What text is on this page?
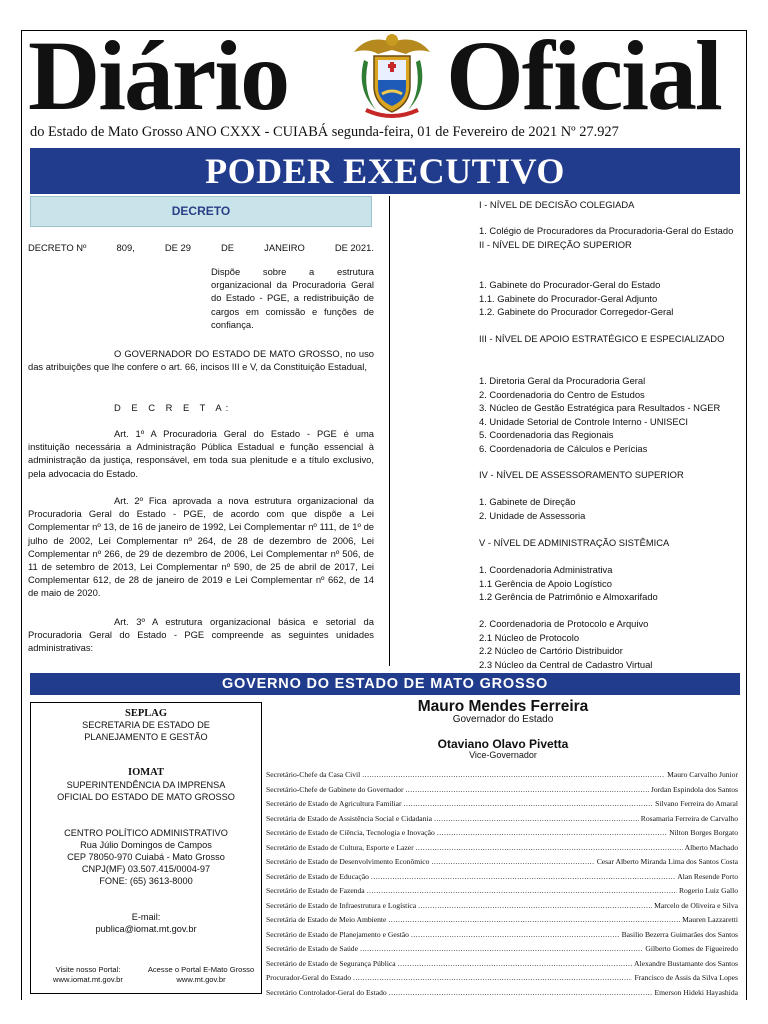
Diário Oficial
do Estado de Mato Grosso ANO CXXX - CUIABÁ segunda-feira, 01 de Fevereiro de 2021 Nº 27.927
PODER EXECUTIVO
DECRETO
DECRETO Nº	809,	DE 29	DE	JANEIRO	DE 2021.
Dispõe sobre a estrutura organizacional da Procuradoria Geral do Estado - PGE, a redistribuição de cargos em comissão e funções de confiança.
O GOVERNADOR DO ESTADO DE MATO GROSSO, no uso das atribuições que lhe confere o art. 66, incisos III e V, da Constituição Estadual,
D E C R E T A:
Art. 1º A Procuradoria Geral do Estado - PGE é uma instituição necessária a Administração Pública Estadual e função essencial à administração da justiça, responsável, em toda sua plenitude e a título exclusivo, pela advocacia do Estado.
Art. 2º Fica aprovada a nova estrutura organizacional da Procuradoria Geral do Estado - PGE, de acordo com que dispõe a Lei Complementar nº 13, de 16 de janeiro de 1992, Lei Complementar nº 111, de 1º de julho de 2002, Lei Complementar nº 264, de 28 de dezembro de 2006, Lei Complementar nº 266, de 29 de dezembro de 2006, Lei Complementar nº 506, de 11 de setembro de 2013, Lei Complementar nº 590, de 25 de abril de 2017, Lei Complementar 612, de 28 de janeiro de 2019 e Lei Complementar nº 662, de 14 de maio de 2020.
Art. 3º A estrutura organizacional básica e setorial da Procuradoria Geral do Estado - PGE compreende as seguintes unidades administrativas:
I - NÍVEL DE DECISÃO COLEGIADA
1. Colégio de Procuradores da Procuradoria-Geral do Estado
II - NÍVEL DE DIREÇÃO SUPERIOR
1. Gabinete do Procurador-Geral do Estado
1.1. Gabinete do Procurador-Geral Adjunto
1.2. Gabinete do Procurador Corregedor-Geral
III - NÍVEL DE APOIO ESTRATÉGICO E ESPECIALIZADO
1. Diretoria Geral da Procuradoria Geral
2. Coordenadoria do Centro de Estudos
3. Núcleo de Gestão Estratégica para Resultados - NGER
4. Unidade Setorial de Controle Interno - UNISECI
5. Coordenadoria das Regionais
6. Coordenadoria de Cálculos e Perícias
IV - NÍVEL DE ASSESSORAMENTO SUPERIOR
1. Gabinete de Direção
2. Unidade de Assessoria
V - NÍVEL DE ADMINISTRAÇÃO SISTÊMICA
1. Coordenadoria Administrativa
1.1 Gerência de Apoio Logístico
1.2 Gerência de Patrimônio e Almoxarifado
2. Coordenadoria de Protocolo e Arquivo
2.1 Núcleo de Protocolo
2.2 Núcleo de Cartório Distribuidor
2.3 Núcleo da Central de Cadastro Virtual
GOVERNO DO ESTADO DE MATO GROSSO
SEPLAG
SECRETARIA DE ESTADO DE
PLANEJAMENTO E GESTÃO
IOMAT
SUPERINTENDÊNCIA DA IMPRENSA
OFICIAL DO ESTADO DE MATO GROSSO
CENTRO POLÍTICO ADMINISTRATIVO
Rua Júlio Domingos de Campos
CEP 78050-970 Cuiabá - Mato Grosso
CNPJ(MF) 03.507.415/0004-97
FONE: (65) 3613-8000
E-mail:
publica@iomat.mt.gov.br
Visite nosso Portal:
www.iomat.mt.gov.br
Acesse o Portal E-Mato Grosso
www.mt.gov.br
Mauro Mendes Ferreira
Governador do Estado
Otaviano Olavo Pivetta
Vice-Governador
Secretário-Chefe da Casa Civil .....	Mauro Carvalho Junior
Secretário-Chefe de Gabinete do Governador .....	Jordan Espindola dos Santos
Secretário de Estado de Agricultura Familiar .....	Silvano Ferreira do Amaral
Secretária de Estado de Assistência Social e Cidadania .....	Rosamaria Ferreira de Carvalho
Secretário de Estado de Ciência, Tecnologia e Inovação .....	Nilton Borges Borgato
Secretário de Estado de Cultura, Esporte e Lazer .....	Alberto Machado
Secretário de Estado de Desenvolvimento Econômico .....	Cesar Alberto Miranda Lima dos Santos Costa
Secretário de Estado de Educação .....	Alan Resende Porto
Secretário de Estado de Fazenda .....	Rogerio Luiz Gallo
Secretário de Estado de Infraestrutura e Logística .....	Marcelo de Oliveira e Silva
Secretária de Estado de Meio Ambiente .....	Mauren Lazzaretti
Secretário de Estado de Planejamento e Gestão .....	Basilio Bezerra Guimarães dos Santos
Secretário de Estado de Saúde .....	Gilberto Gomes de Figueiredo
Secretário de Estado de Segurança Pública .....	Alexandre Bustamante dos Santos
Procurador-Geral do Estado .....	Francisco de Assis da Silva Lopes
Secretário Controlador-Geral do Estado .....	Emerson Hideki Hayashida
